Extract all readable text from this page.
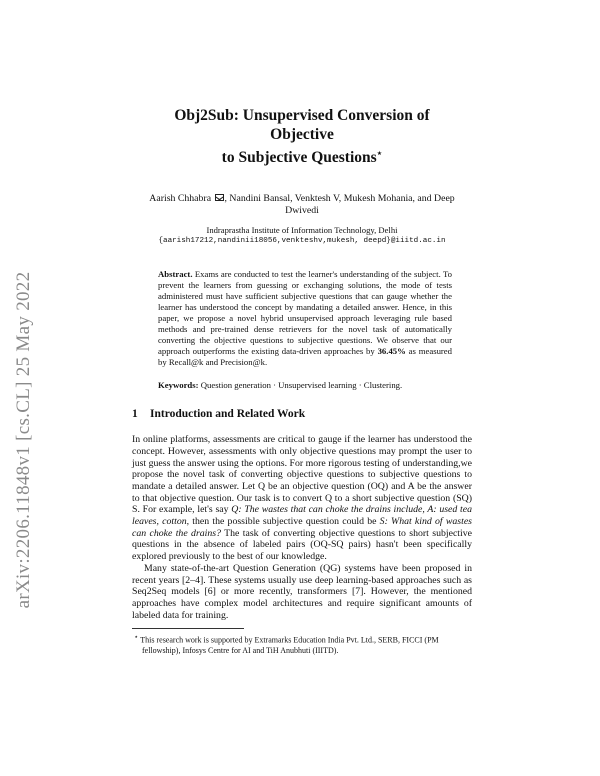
arXiv:2206.11848v1 [cs.CL] 25 May 2022
Obj2Sub: Unsupervised Conversion of Objective
to Subjective Questions⋆
Aarish Chhabra , Nandini Bansal, Venktesh V, Mukesh Mohania, and Deep Dwivedi
Indraprastha Institute of Information Technology, Delhi
{aarish17212,nandinii18056,venkteshv,mukesh, deepd}@iiitd.ac.in
Abstract. Exams are conducted to test the learner's understanding of the subject. To prevent the learners from guessing or exchanging solutions, the mode of tests administered must have sufficient subjective questions that can gauge whether the learner has understood the concept by mandating a detailed answer. Hence, in this paper, we propose a novel hybrid unsupervised approach leveraging rule based methods and pre-trained dense retrievers for the novel task of automatically converting the objective questions to subjective questions. We observe that our approach outperforms the existing data-driven approaches by 36.45% as measured by Recall@k and Precision@k.
Keywords: Question generation · Unsupervised learning · Clustering.
1 Introduction and Related Work

In online platforms, assessments are critical to gauge if the learner has understood the concept. However, assessments with only objective questions may prompt the user to just guess the answer using the options. For more rigorous testing of understanding,we propose the novel task of converting objective questions to subjective questions to mandate a detailed answer. Let Q be an objective question (OQ) and A be the answer to that objective question. Our task is to convert Q to a short subjective question (SQ) S. For example, let's say Q: The wastes that can choke the drains include, A: used tea leaves, cotton, then the possible subjective question could be S: What kind of wastes can choke the drains? The task of converting objective questions to short subjective questions in the absence of labeled pairs (OQ-SQ pairs) hasn't been specifically explored previously to the best of our knowledge.

Many state-of-the-art Question Generation (QG) systems have been proposed in recent years [2–4]. These systems usually use deep learning-based approaches such as Seq2Seq models [6] or more recently, transformers [7]. However, the mentioned approaches have complex model architectures and require significant amounts of labeled data for training.

⋆ This research work is supported by Extramarks Education India Pvt. Ltd., SERB, FICCI (PM fellowship), Infosys Centre for AI and TiH Anubhuti (IIITD).
